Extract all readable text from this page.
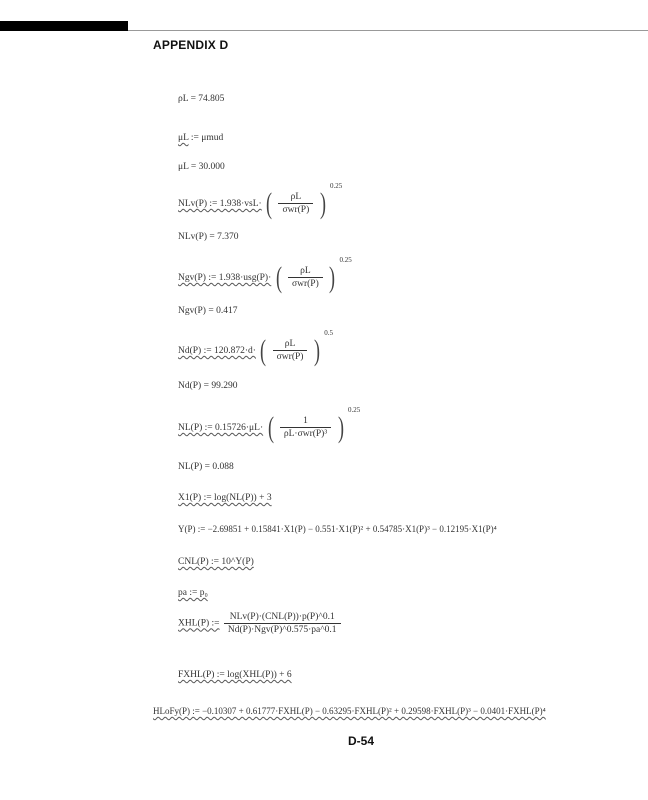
APPENDIX D
ρL = 74.805
μL := μmud
μL = 30.000
NLv(P) := 1.938·vsL· ( $\frac{\rho L}{\text{σwr(P)}}$ ) $^{0.25}$
NLv(P) = 7.370
Ngv(P) := 1.938·usg(P)· ( $\frac{\rho L}{\text{σwr(P)}}$ ) $^{0.25}$
Ngv(P) = 0.417
Nd(P) := 120.872·d· ( $\frac{\rho L}{\text{σwr(P)}}$ ) $^{0.5}$
Nd(P) = 99.290
NL(P) := 0.15726·μL· ( $\frac{1}{\text{ρL·σwr(P)³}}$ ) $^{0.25}$
NL(P) = 0.088
X1(P) := log(NL(P)) + 3
Y(P) := −2.69851 + 0.15841·X1(P) − 0.551·X1(P)² + 0.54785·X1(P)³ − 0.12195·X1(P)⁴
CNL(P) := 10^Y(P)
pa := p₀
XHL(P) := $\frac{\text{NLv(P)·(CNL(P))·p(P)\textasciicircum{}0.1}}{\text{Nd(P)·Ngv(P)\textasciicircum{}0.575·pa\textasciicircum{}0.1}}$
FXHL(P) := log(XHL(P)) + 6
HLoFy(P) := −0.10307 + 0.61777·FXHL(P) − 0.63295·FXHL(P)² + 0.29598·FXHL(P)³ − 0.0401·FXHL(P)⁴
D-54
